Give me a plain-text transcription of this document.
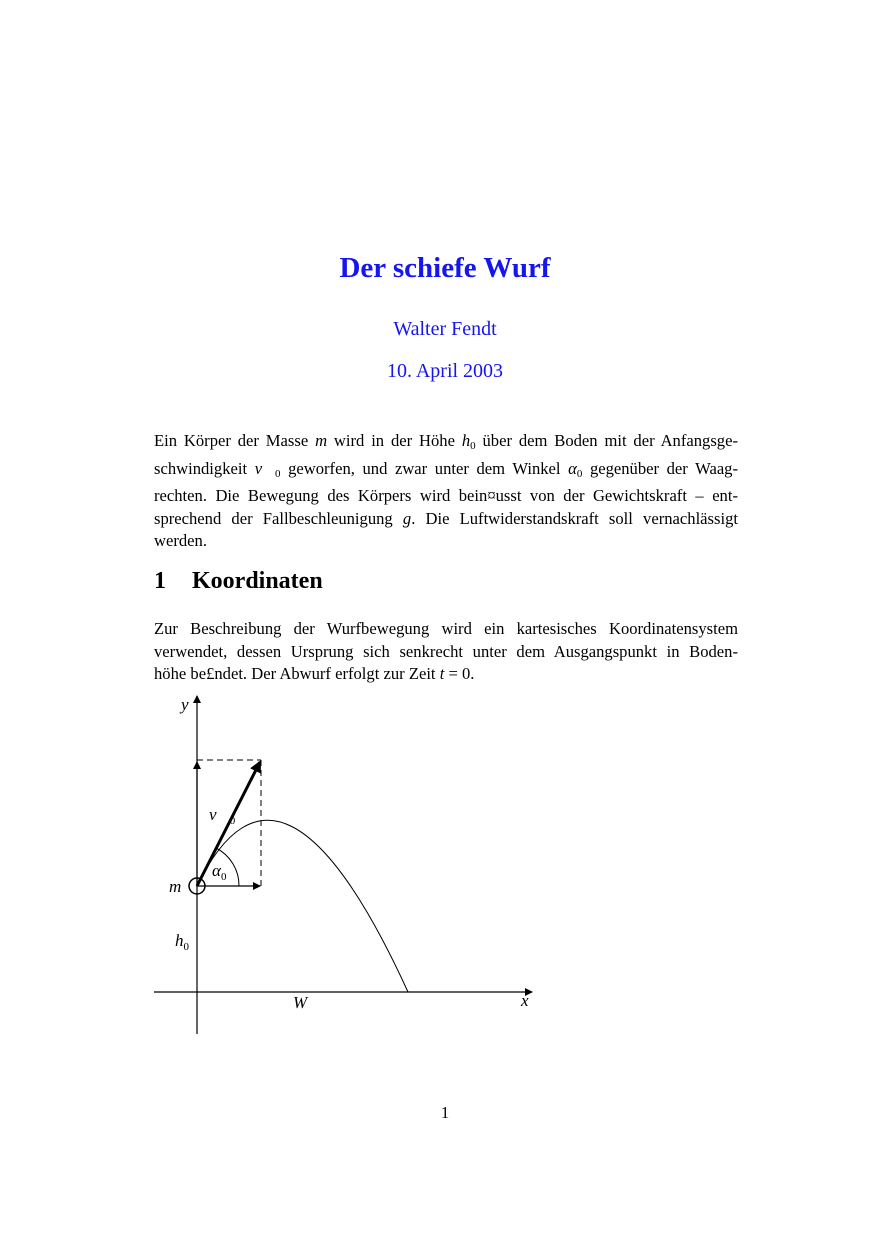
Der schiefe Wurf
Walter Fendt
10. April 2003
Ein Körper der Masse m wird in der Höhe $h_0$ über dem Boden mit der Anfangsge-
schwindigkeit $v_0$ geworfen, und zwar unter dem Winkel $\alpha_0$ gegenüber der Waag-
rechten. Die Bewegung des Körpers wird bein¤usst von der Gewichtskraft – ent-
sprechend der Fallbeschleunigung g. Die Luftwiderstandskraft soll vernachlässigt
werden.
1 Koordinaten
Zur Beschreibung der Wurfbewegung wird ein kartesisches Koordinatensystem
verwendet, dessen Ursprung sich senkrecht unter dem Ausgangspunkt in Boden-
höhe be£ndet. Der Abwurf erfolgt zur Zeit t = 0.
y
x
m
$h_0$
$v_0$
$\alpha_0$
W
1
